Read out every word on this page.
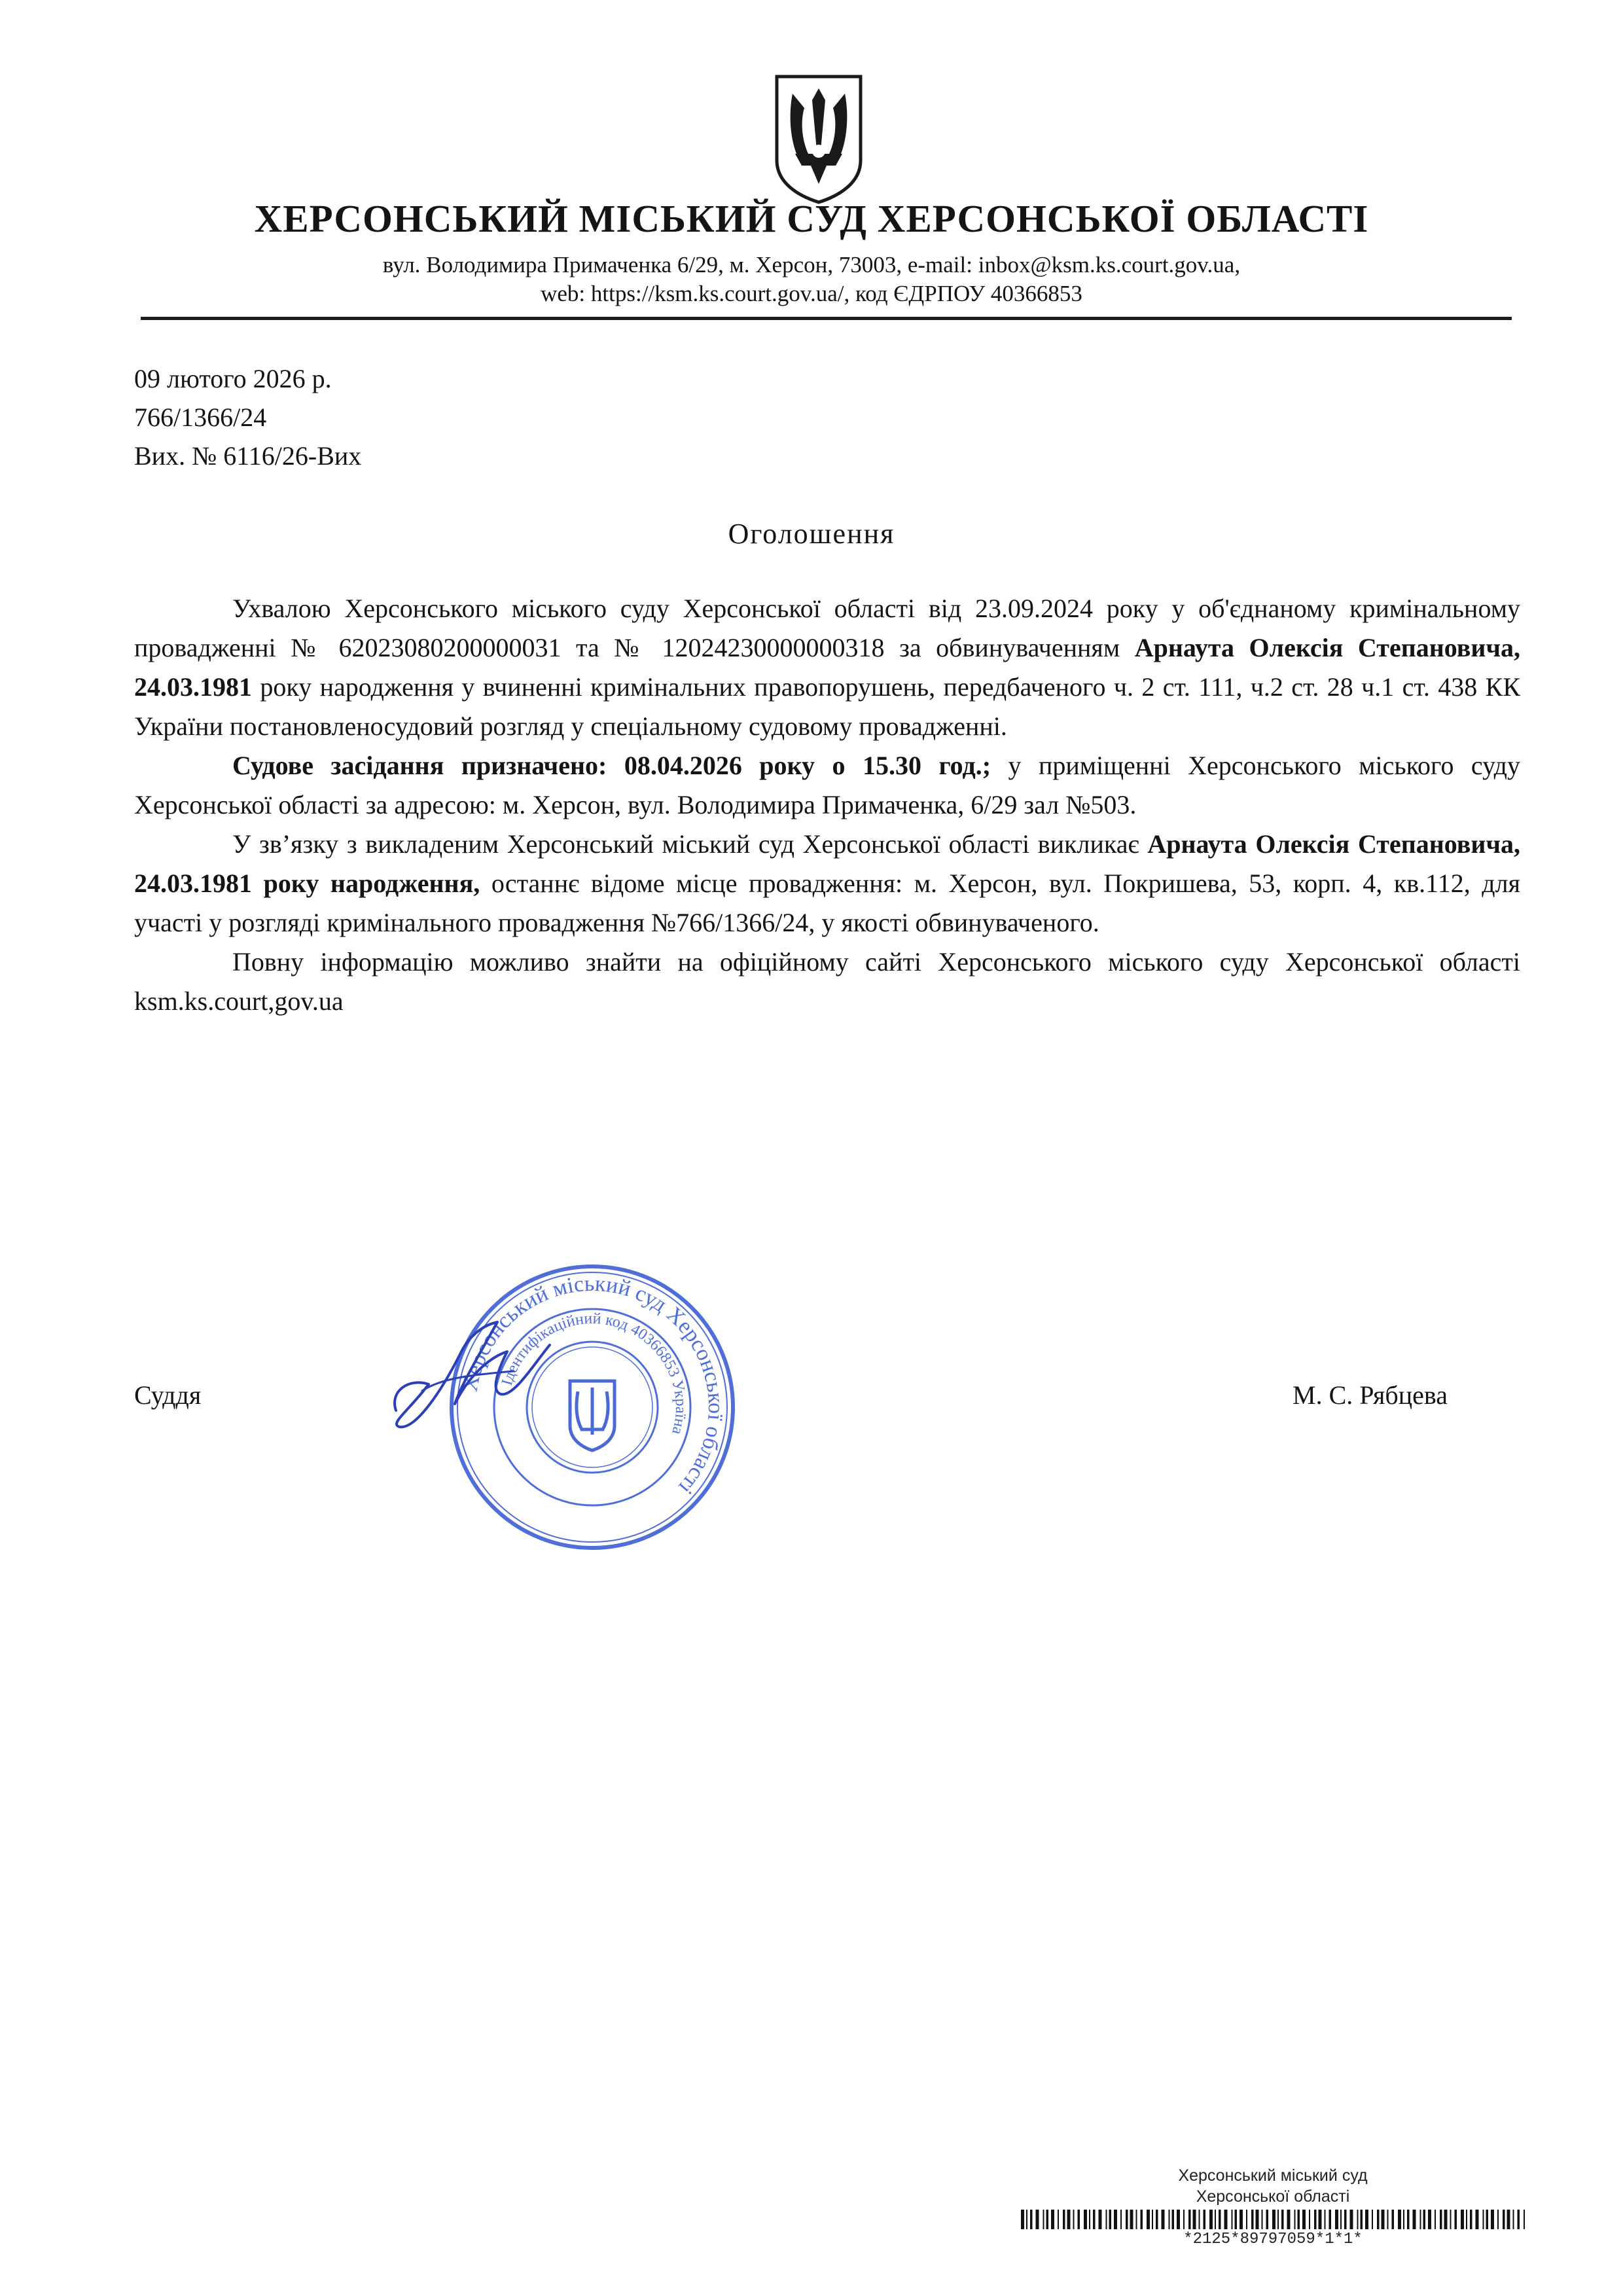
ХЕРСОНСЬКИЙ МІСЬКИЙ СУД ХЕРСОНСЬКОЇ ОБЛАСТІ
вул. Володимира Примаченка 6/29, м. Херсон, 73003, e-mail: inbox@ksm.ks.court.gov.ua,
web: https://ksm.ks.court.gov.ua/, код ЄДРПОУ 40366853
09 лютого 2026 р.
766/1366/24
Вих. № 6116/26-Вих
Оголошення

Ухвалою Херсонського міського суду Херсонської області від 23.09.2024 року у об'єднаному кримінальному провадженні № 62023080200000031 та № 12024230000000318 за обвинуваченням Арнаута Олексія Степановича, 24.03.1981 року народження у вчиненні кримінальних правопорушень, передбаченого ч. 2 ст. 111, ч.2 ст. 28 ч.1 ст. 438 КК України постановленосудовий розгляд у спеціальному судовому провадженні.

Судове засідання призначено: 08.04.2026 року о 15.30 год.; у приміщенні Херсонського міського суду Херсонської області за адресою: м. Херсон, вул. Володимира Примаченка, 6/29 зал №503.

У зв’язку з викладеним Херсонський міський суд Херсонської області викликає Арнаута Олексія Степановича, 24.03.1981 року народження, останнє відоме місце провадження: м. Херсон, вул. Покришева, 53, корп. 4, кв.112, для участі у розгляді кримінального провадження №766/1366/24, у якості обвинуваченого.

Повну інформацію можливо знайти на офіційному сайті Херсонського міського суду Херсонської області ksm.ks.court,gov.ua

Херсонський міський суд Херсонської області
Ідентифікаційний код 40366853 Україна
Суддя	М. С. Рябцева
Херсонський міський суд
Херсонської області
*2125*89797059*1*1*
